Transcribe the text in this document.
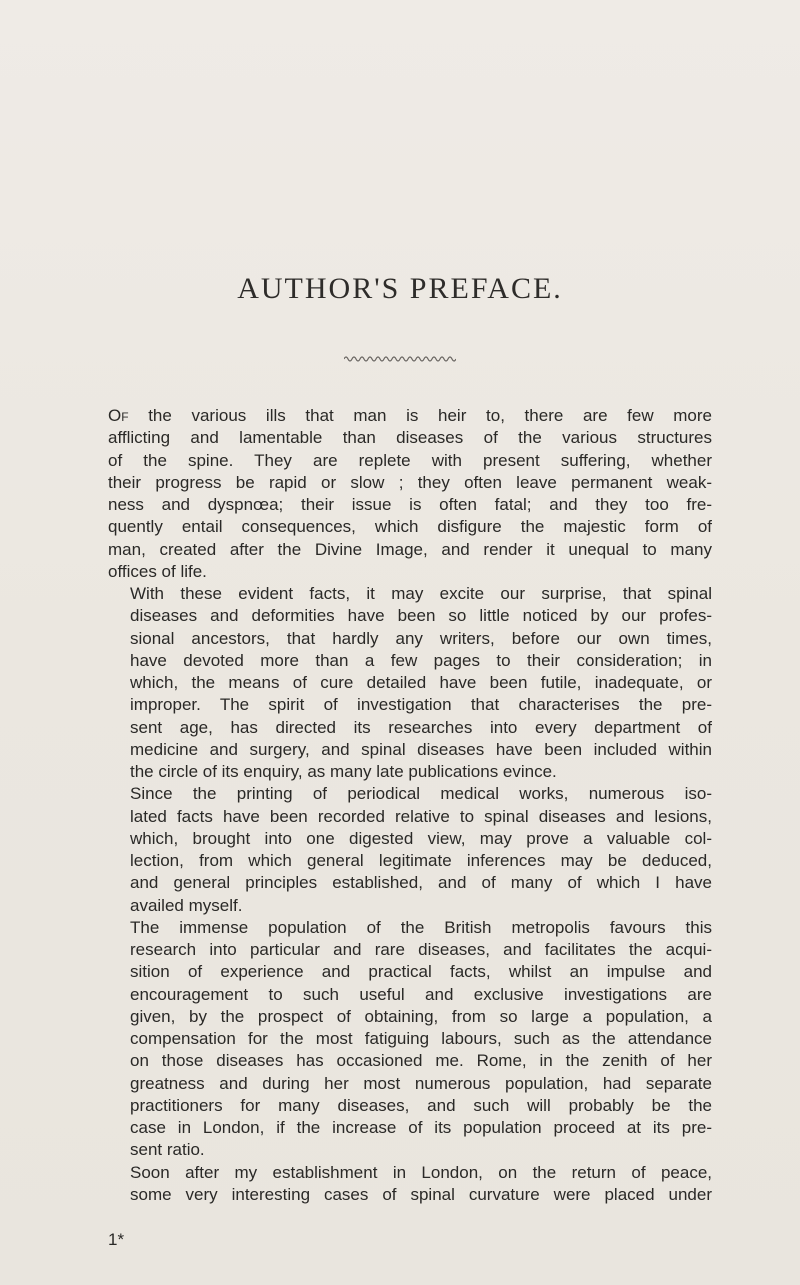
AUTHOR'S PREFACE.
Of the various ills that man is heir to, there are few more
afflicting and lamentable than diseases of the various structures
of the spine. They are replete with present suffering, whether
their progress be rapid or slow ; they often leave permanent weak-
ness and dyspnœa; their issue is often fatal; and they too fre-
quently entail consequences, which disfigure the majestic form of
man, created after the Divine Image, and render it unequal to many
offices of life.
With these evident facts, it may excite our surprise, that spinal
diseases and deformities have been so little noticed by our profes-
sional ancestors, that hardly any writers, before our own times,
have devoted more than a few pages to their consideration; in
which, the means of cure detailed have been futile, inadequate, or
improper. The spirit of investigation that characterises the pre-
sent age, has directed its researches into every department of
medicine and surgery, and spinal diseases have been included within
the circle of its enquiry, as many late publications evince.
Since the printing of periodical medical works, numerous iso-
lated facts have been recorded relative to spinal diseases and lesions,
which, brought into one digested view, may prove a valuable col-
lection, from which general legitimate inferences may be deduced,
and general principles established, and of many of which I have
availed myself.
The immense population of the British metropolis favours this
research into particular and rare diseases, and facilitates the acqui-
sition of experience and practical facts, whilst an impulse and
encouragement to such useful and exclusive investigations are
given, by the prospect of obtaining, from so large a population, a
compensation for the most fatiguing labours, such as the attendance
on those diseases has occasioned me. Rome, in the zenith of her
greatness and during her most numerous population, had separate
practitioners for many diseases, and such will probably be the
case in London, if the increase of its population proceed at its pre-
sent ratio.
Soon after my establishment in London, on the return of peace,
some very interesting cases of spinal curvature were placed under
1*
